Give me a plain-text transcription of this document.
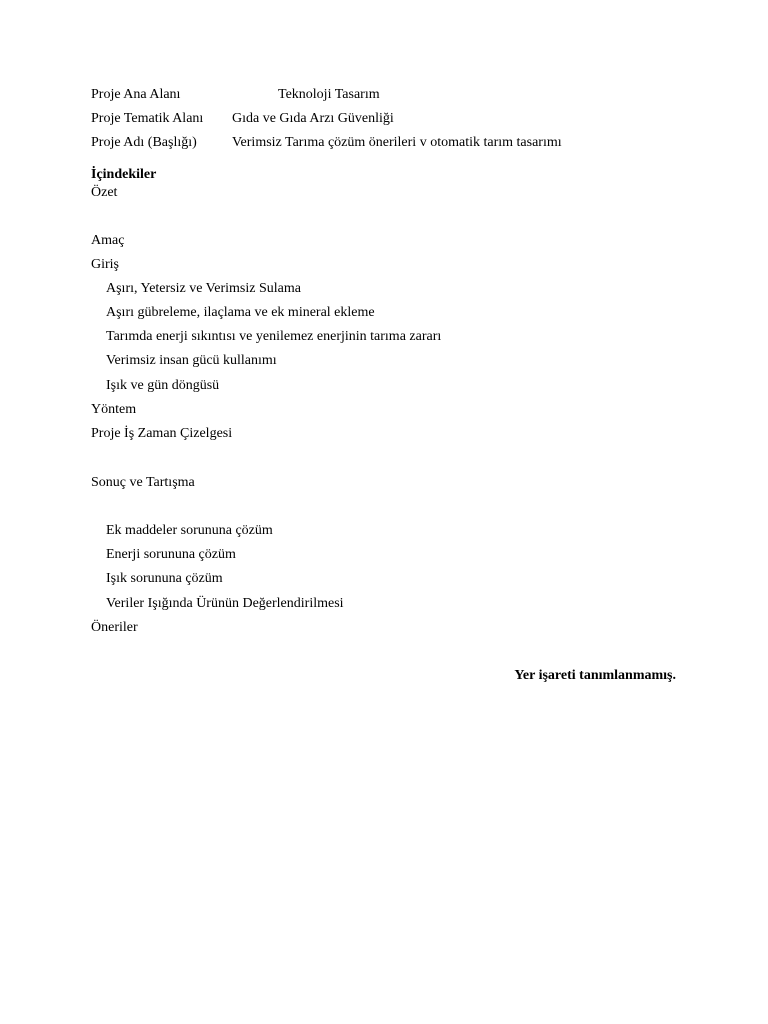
Proje Ana Alanı	Teknoloji Tasarım
Proje Tematik Alanı Gıda ve Gıda Arzı Güvenliği
Proje Adı (Başlığı)	Verimsiz Tarıma çözüm önerileri v otomatik tarım tasarımı
İçindekiler
Özet
Amaç
Giriş
Aşırı, Yetersiz ve Verimsiz Sulama
Aşırı gübreleme, ilaçlama ve ek mineral ekleme
Tarımda enerji sıkıntısı ve yenilemez enerjinin tarıma zararı
Verimsiz insan gücü kullanımı
Işık ve gün döngüsü
Yöntem
Proje İş Zaman Çizelgesi
Sonuç ve Tartışma
Ek maddeler sorununa çözüm
Enerji sorununa çözüm
Işık sorununa çözüm
Veriler Işığında Ürünün Değerlendirilmesi
Öneriler
Yer işareti tanımlanmamış.
